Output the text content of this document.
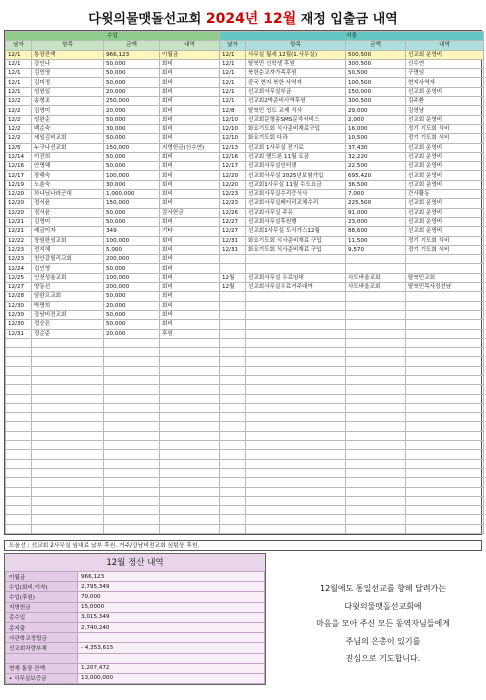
다윗의물맷돌선교회 2024년 12월 재정 입출금 내역
수입				지출			
날자	항목	금액	내역	날자	항목	금액	내역
12/1	통장잔액	966,123	이월금	12/1	사무실 월세 12월(1.사무실)	500,500	선교회 운영비
12/1	강인나	50,000	회비	12/1	탈북민 신학생 후원	300,500	신수연
12/1	김민영	50,000	회비	12/1	북한순교자가족후원	50,500	구명임
12/1	김미정	50,000	회비	12/1	중국 현지 북한 사역자	100,500	현지사역자
12/1	성원일	20,000	회비	12/1	선교회사무실부금	150,000	선교회 운영비
12/2	송형초	250,000	회비	12/1	선교회2박준비사역후원	300,500	김주환
12/2	김영미	20,000	회비	12/8	탈북민 성도 교제 식사	29,000	김영남
12/2	성완순	50,000	회비	12/10	선교회문형송SMS문자서비스	2,000	선교회 운영비
12/2	백순숙	30,000	회비	12/10	화요기도회 식사준비재료구입	16,000	정기 기도회 식비
12/2	세일김비교회	50,000	회비	12/10	화요기도회 다과	10,500	정기 기도회 식비
12/5	누구나선교회	150,000	지명헌금(신수연)	12/13	선교회 1사무실 전기료	37,430	선교회 운영비
12/14	이진희	50,000	회비	12/16	선교회 핸드폰 11월 요금	32,220	선교회 운영비
12/16	안명혜	50,000	회비	12/17	선교회사무실인터넷	22,500	선교회 운영비
12/17	장해숙	100,000	회비	12/20	선교회사무실 2025년보험가입	695,420	선교회 운영비
12/19	노춘숙	30,000	회비	12/20	선교회1사무실 11월 수도요금	36,500	선교회 운영비
12/20	하나님나라군대	1,000,000	회비	12/23	선교회사무실수리증식사	7,000	간사활동
12/20	정서윤	150,000	회비	12/23	선교회사무실베터리교체수리	225,500	선교회 운영비
12/20	정서윤	50,000	감사헌금	12/26	선교회사무실 주유	91,000	선교회 운영비
12/21	김영미	50,000	회비	12/27	선교회사무실후원행	23,000	선교회 운영비
12/21	예금이자	349	기타	12/27	선교회1사무실 도시가스12월	88,600	선교회 운영비
12/22	창원한성교회	100,000	회비	12/31	화요기도회 식사준비재료 구입	11,500	정기 기도회 식비
12/23	전지혜	5,000	회비	12/31	화요기도회 식사준비재료 구입	9,570	정기 기도회 식비
12/23	천안갈릴리교회	200,000	회비				
12/24	김인영	50,000	회비				
12/25	인천성율교회	100,000	회비	12월	선교회사무실 우료임대	사도바울교회	탈북민교회
12/27	양동선	200,000	회비	12월	선교회사무실우료거주대여	사도바울교회	탈북민목사정선남
12/28	담완프교회	50,000	회비				
12/30	박명희	20,000	회비				
12/30	강남비전교회	50,000	회비				
12/30	정승은	50,000	회비				
12/31	정순준	20,000	후원				

도움선 : 선교회 2사무실 임대료 납부 후원. 거주/강남비전교회 심텀상 후원.
12월 정산 내역
이월금	966,123
수입(회비,이자)	2,795,349
수입(후원)	70,000
지명헌금	15,0000
총수입	3,015,349
총지출	2,740,240
사관학교정립금	
선교회차량부채	- 4,353,615

현재 통장 잔액	1,207,472
• 사무실보증금	13,000,000
12월에도 통일선교를 향해 달려가는
다윗의물맷돌선교회에
마음을 모아 주신 모든 동역자님들에게
주님의 은총이 있기를
진심으로 기도합니다.
